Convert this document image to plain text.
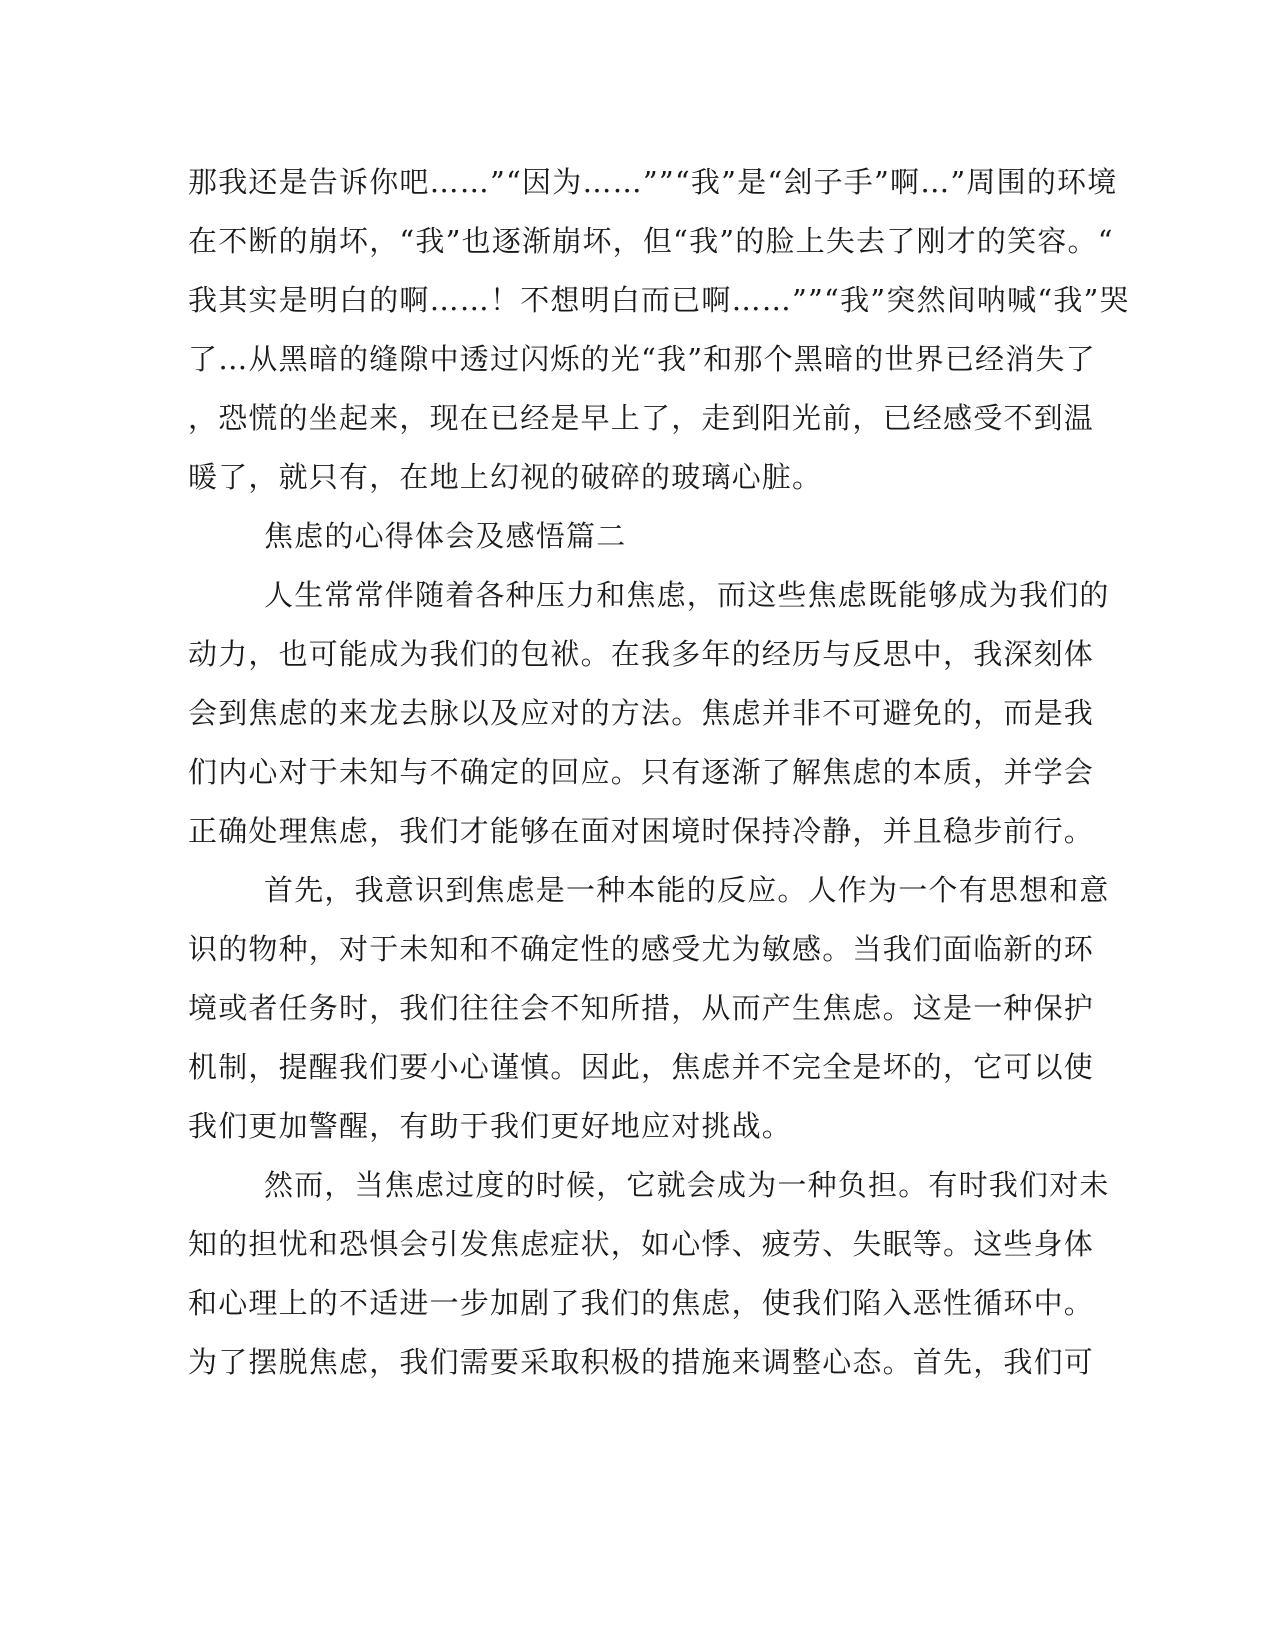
那我还是告诉你吧……”“因为……””“我”是“刽子手”啊…”周围的环境
在不断的崩坏，“我”也逐渐崩坏，但“我”的脸上失去了刚才的笑容。“
我其实是明白的啊……！不想明白而已啊……””“我”突然间呐喊“我”哭
了…从黑暗的缝隙中透过闪烁的光“我”和那个黑暗的世界已经消失了
，恐慌的坐起来，现在已经是早上了，走到阳光前，已经感受不到温
暖了，就只有，在地上幻视的破碎的玻璃心脏。
焦虑的心得体会及感悟篇二
人生常常伴随着各种压力和焦虑，而这些焦虑既能够成为我们的
动力，也可能成为我们的包袱。在我多年的经历与反思中，我深刻体
会到焦虑的来龙去脉以及应对的方法。焦虑并非不可避免的，而是我
们内心对于未知与不确定的回应。只有逐渐了解焦虑的本质，并学会
正确处理焦虑，我们才能够在面对困境时保持冷静，并且稳步前行。
首先，我意识到焦虑是一种本能的反应。人作为一个有思想和意
识的物种，对于未知和不确定性的感受尤为敏感。当我们面临新的环
境或者任务时，我们往往会不知所措，从而产生焦虑。这是一种保护
机制，提醒我们要小心谨慎。因此，焦虑并不完全是坏的，它可以使
我们更加警醒，有助于我们更好地应对挑战。
然而，当焦虑过度的时候，它就会成为一种负担。有时我们对未
知的担忧和恐惧会引发焦虑症状，如心悸、疲劳、失眠等。这些身体
和心理上的不适进一步加剧了我们的焦虑，使我们陷入恶性循环中。
为了摆脱焦虑，我们需要采取积极的措施来调整心态。首先，我们可
